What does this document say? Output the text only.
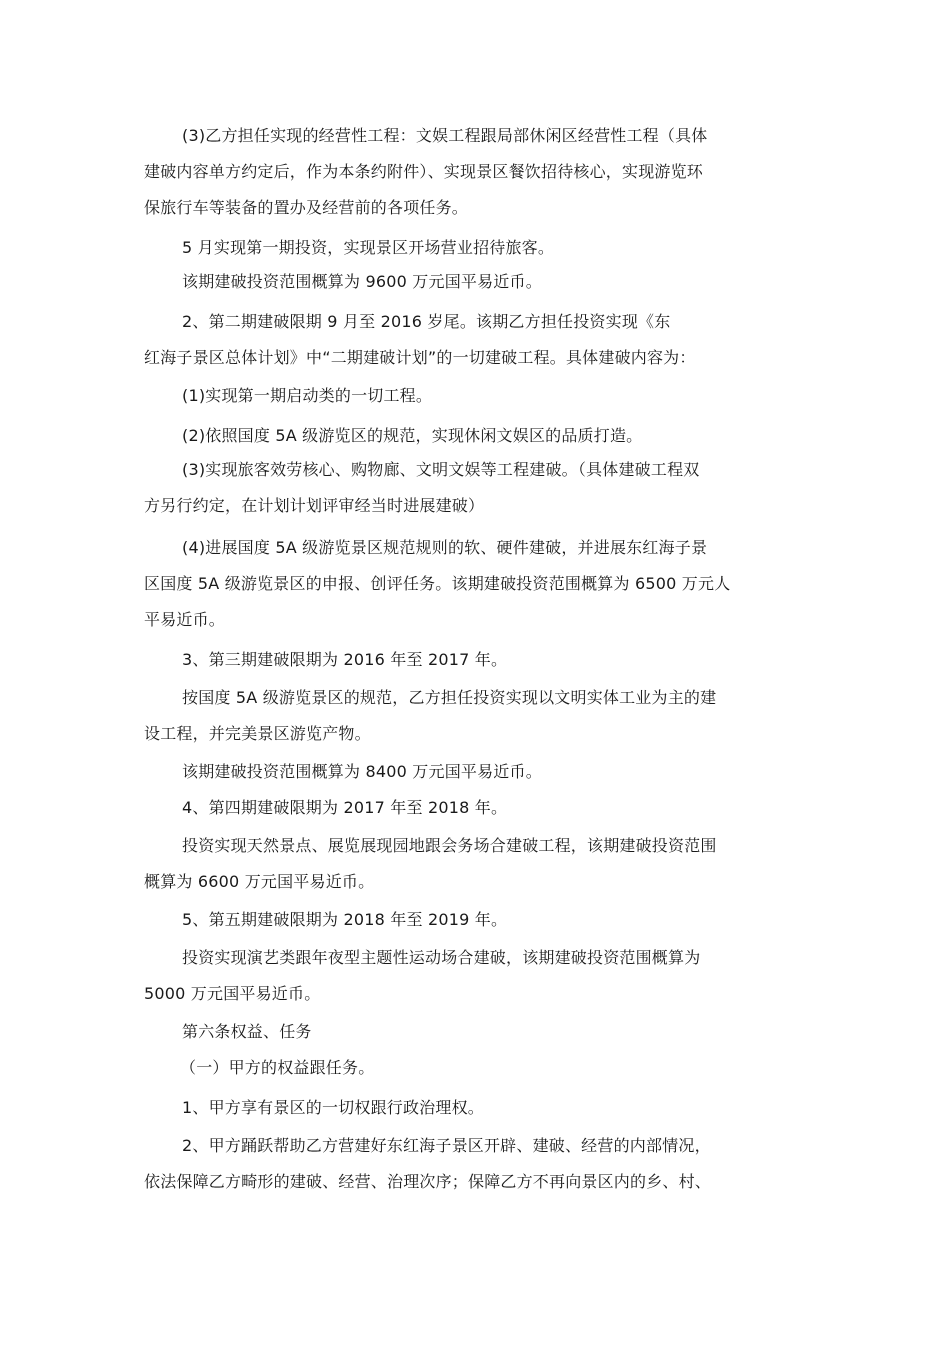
(3)乙方担任实现的经营性工程：文娱工程跟局部休闲区经营性工程（具体
建破内容单方约定后，作为本条约附件）、实现景区餐饮招待核心，实现游览环
保旅行车等装备的置办及经营前的各项任务。
5 月实现第一期投资，实现景区开场营业招待旅客。
该期建破投资范围概算为 9600 万元国平易近币。
2、第二期建破限期 9 月至 2016 岁尾。该期乙方担任投资实现《东
红海子景区总体计划》中“二期建破计划”的一切建破工程。具体建破内容为：
(1)实现第一期启动类的一切工程。
(2)依照国度 5A 级游览区的规范，实现休闲文娱区的品质打造。
(3)实现旅客效劳核心、购物廊、文明文娱等工程建破。（具体建破工程双
方另行约定，在计划计划评审经当时进展建破）
(4)进展国度 5A 级游览景区规范规则的软、硬件建破，并进展东红海子景
区国度 5A 级游览景区的申报、创评任务。该期建破投资范围概算为 6500 万元人
平易近币。
3、第三期建破限期为 2016 年至 2017 年。
按国度 5A 级游览景区的规范，乙方担任投资实现以文明实体工业为主的建
设工程，并完美景区游览产物。
该期建破投资范围概算为 8400 万元国平易近币。
4、第四期建破限期为 2017 年至 2018 年。
投资实现天然景点、展览展现园地跟会务场合建破工程，该期建破投资范围
概算为 6600 万元国平易近币。
5、第五期建破限期为 2018 年至 2019 年。
投资实现演艺类跟年夜型主题性运动场合建破，该期建破投资范围概算为
5000 万元国平易近币。
第六条权益、任务
（一）甲方的权益跟任务。
1、甲方享有景区的一切权跟行政治理权。
2、甲方踊跃帮助乙方营建好东红海子景区开辟、建破、经营的内部情况，
依法保障乙方畸形的建破、经营、治理次序；保障乙方不再向景区内的乡、村、
